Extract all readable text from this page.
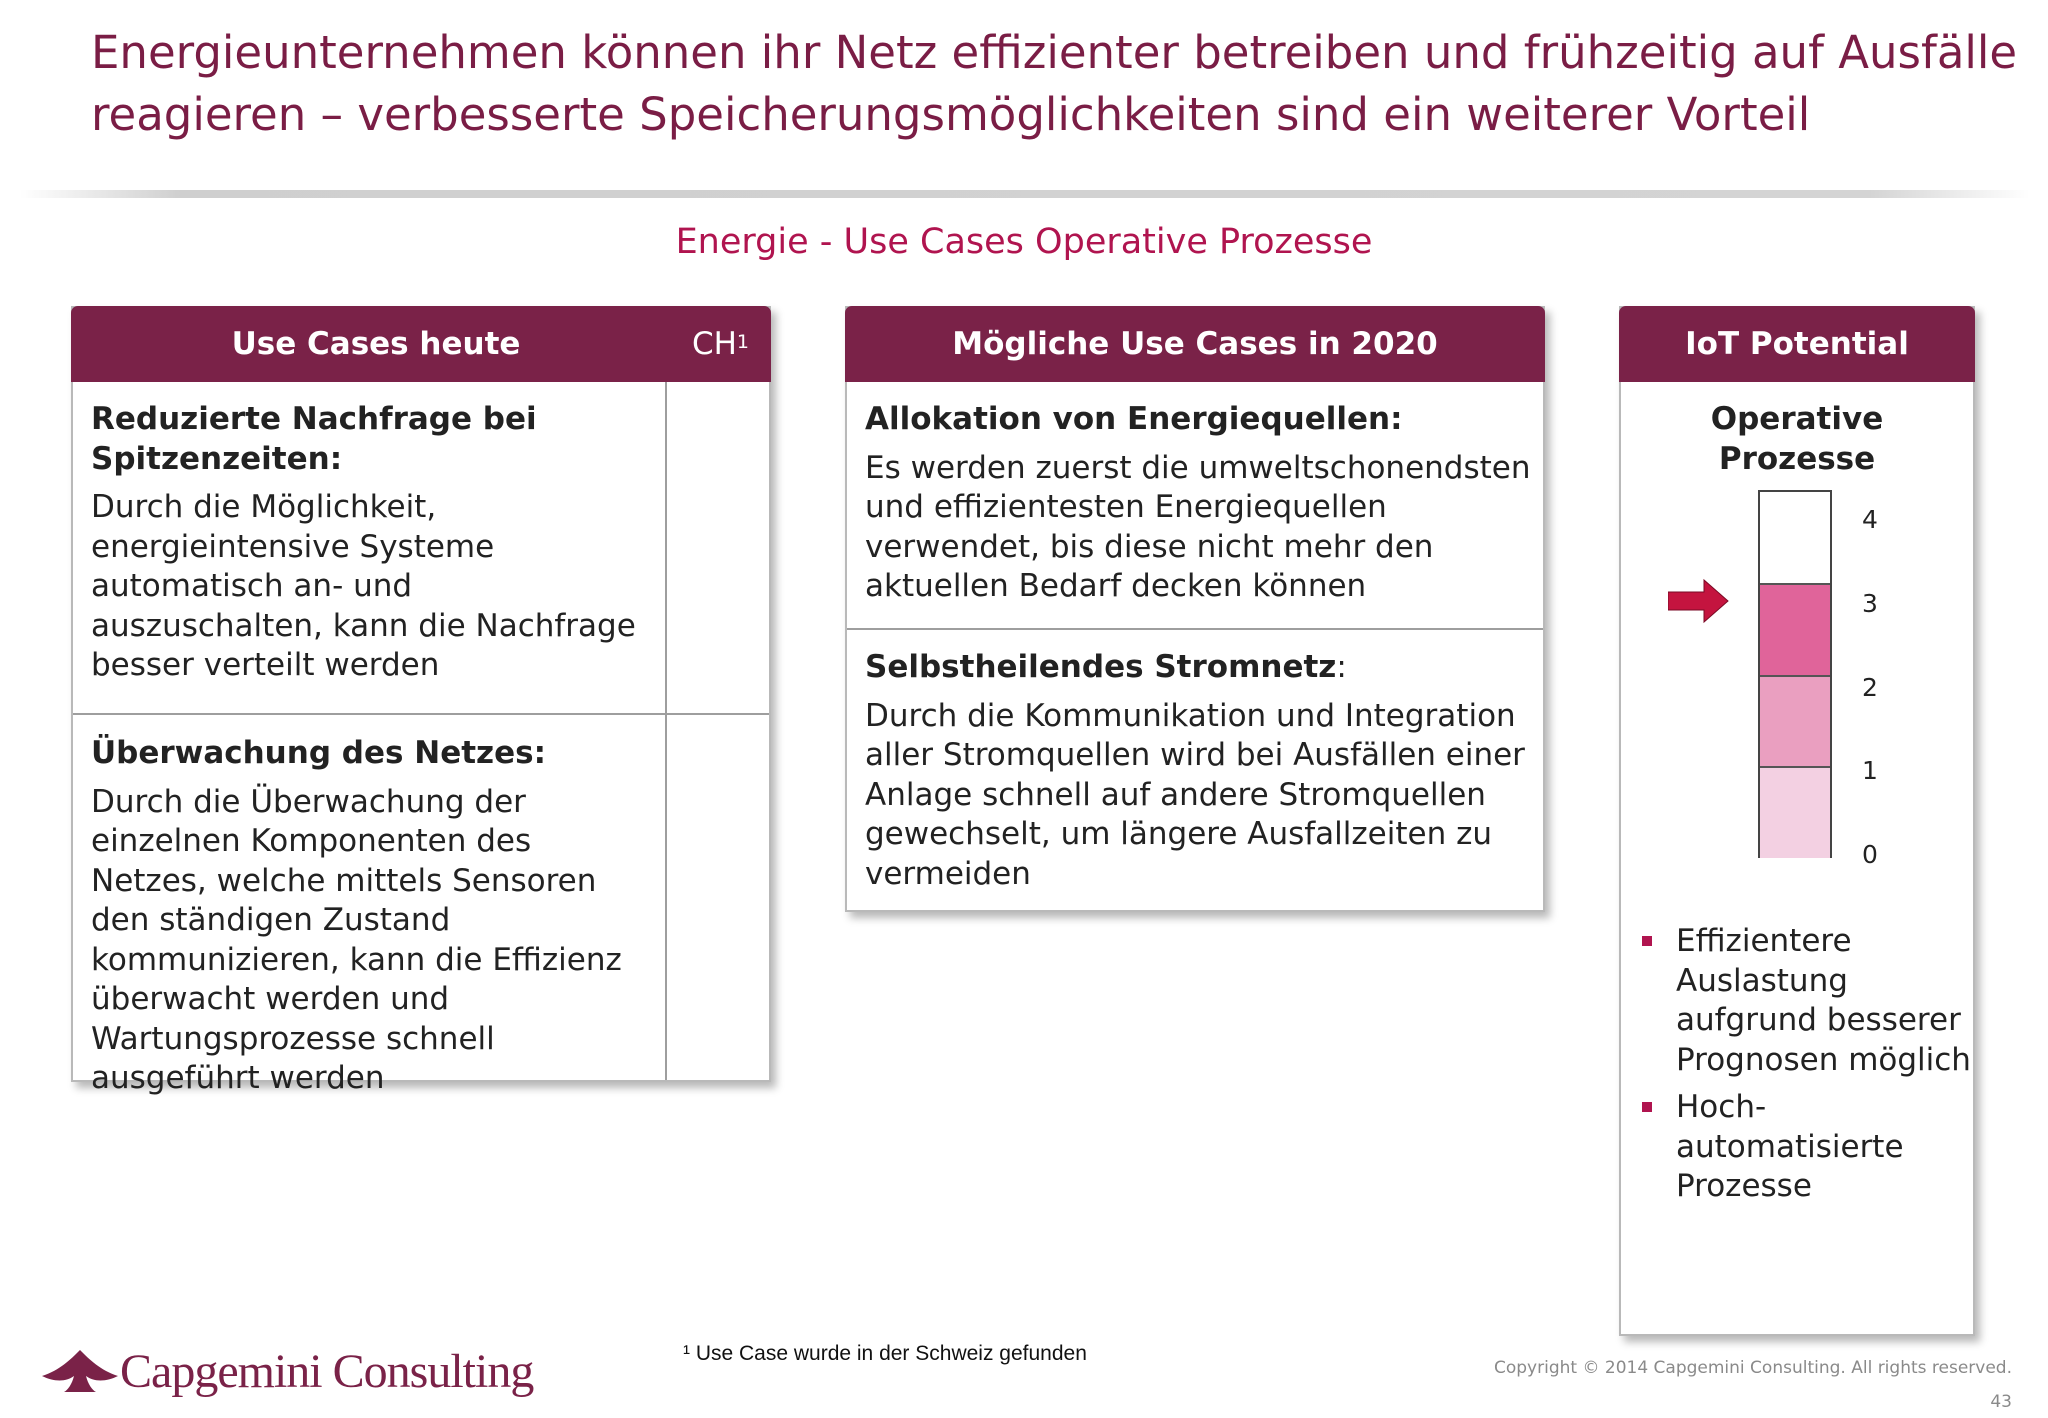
Energieunternehmen können ihr Netz effizienter betreiben und frühzeitig auf Ausfälle
reagieren – verbesserte Speicherungsmöglichkeiten sind ein weiterer Vorteil
Energie - Use Cases Operative Prozesse
Use Cases heute	$CH^1$
Reduzierte Nachfrage bei Spitzenzeiten:
Durch die Möglichkeit, energieintensive Systeme automatisch an- und auszuschalten, kann die Nachfrage besser verteilt werden
Überwachung des Netzes:
Durch die Überwachung der einzelnen Komponenten des Netzes, welche mittels Sensoren den ständigen Zustand kommunizieren, kann die Effizienz überwacht werden und Wartungsprozesse schnell ausgeführt werden
Mögliche Use Cases in 2020
Allokation von Energiequellen:
Es werden zuerst die umweltschonendsten und effizientesten Energiequellen verwendet, bis diese nicht mehr den aktuellen Bedarf decken können
Selbstheilendes Stromnetz:
Durch die Kommunikation und Integration aller Stromquellen wird bei Ausfällen einer Anlage schnell auf andere Stromquellen gewechselt, um längere Ausfallzeiten zu vermeiden
IoT Potential
Operative Prozesse
4
3
2
1
0
Effizientere Auslastung aufgrund besserer Prognosen möglich
Hoch-automatisierte Prozesse
Capgemini Consulting	¹ Use Case wurde in der Schweiz gefunden
Copyright © 2014 Capgemini Consulting. All rights reserved.
43
